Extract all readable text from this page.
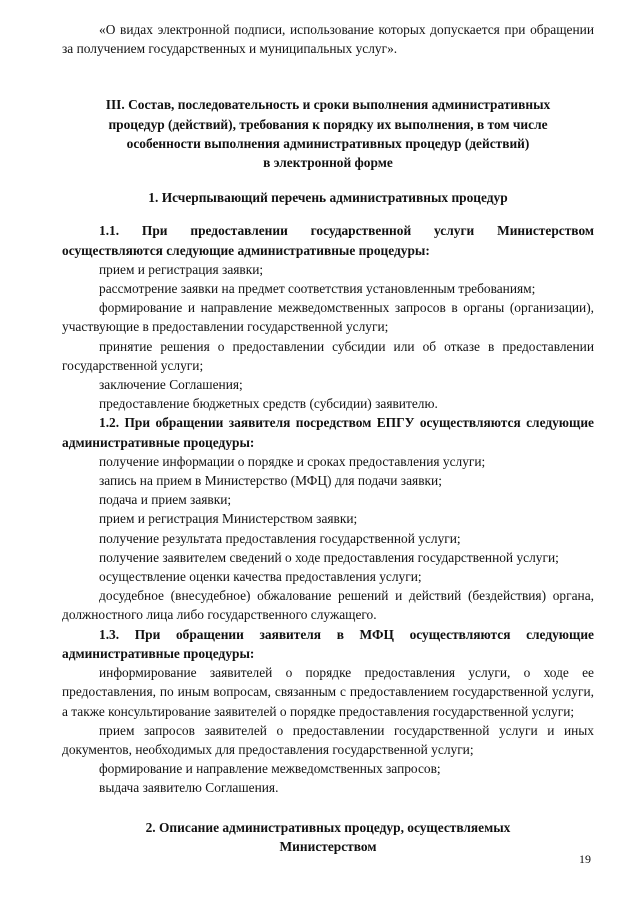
«О видах электронной подписи, использование которых допускается при обращении за получением государственных и муниципальных услуг».

III. Состав, последовательность и сроки выполнения административных
процедур (действий), требования к порядку их выполнения, в том числе
особенности выполнения административных процедур (действий)
в электронной форме

1. Исчерпывающий перечень административных процедур

1.1. При предоставлении государственной услуги Министерством осуществляются следующие административные процедуры:

прием и регистрация заявки;

рассмотрение заявки на предмет соответствия установленным требованиям;

формирование и направление межведомственных запросов в органы (организации), участвующие в предоставлении государственной услуги;

принятие решения о предоставлении субсидии или об отказе в предоставлении государственной услуги;

заключение Соглашения;

предоставление бюджетных средств (субсидии) заявителю.

1.2. При обращении заявителя посредством ЕПГУ осуществляются следующие административные процедуры:

получение информации о порядке и сроках предоставления услуги;

запись на прием в Министерство (МФЦ) для подачи заявки;

подача и прием заявки;

прием и регистрация Министерством заявки;

получение результата предоставления государственной услуги;

получение заявителем сведений о ходе предоставления государственной услуги;

осуществление оценки качества предоставления услуги;

досудебное (внесудебное) обжалование решений и действий (бездействия) органа, должностного лица либо государственного служащего.

1.3. При обращении заявителя в МФЦ осуществляются следующие административные процедуры:

информирование заявителей о порядке предоставления услуги, о ходе ее предоставления, по иным вопросам, связанным с предоставлением государственной услуги, а также консультирование заявителей о порядке предоставления государственной услуги;

прием запросов заявителей о предоставлении государственной услуги и иных документов, необходимых для предоставления государственной услуги;

формирование и направление межведомственных запросов;

выдача заявителю Соглашения.

2. Описание административных процедур, осуществляемых
Министерством
19
